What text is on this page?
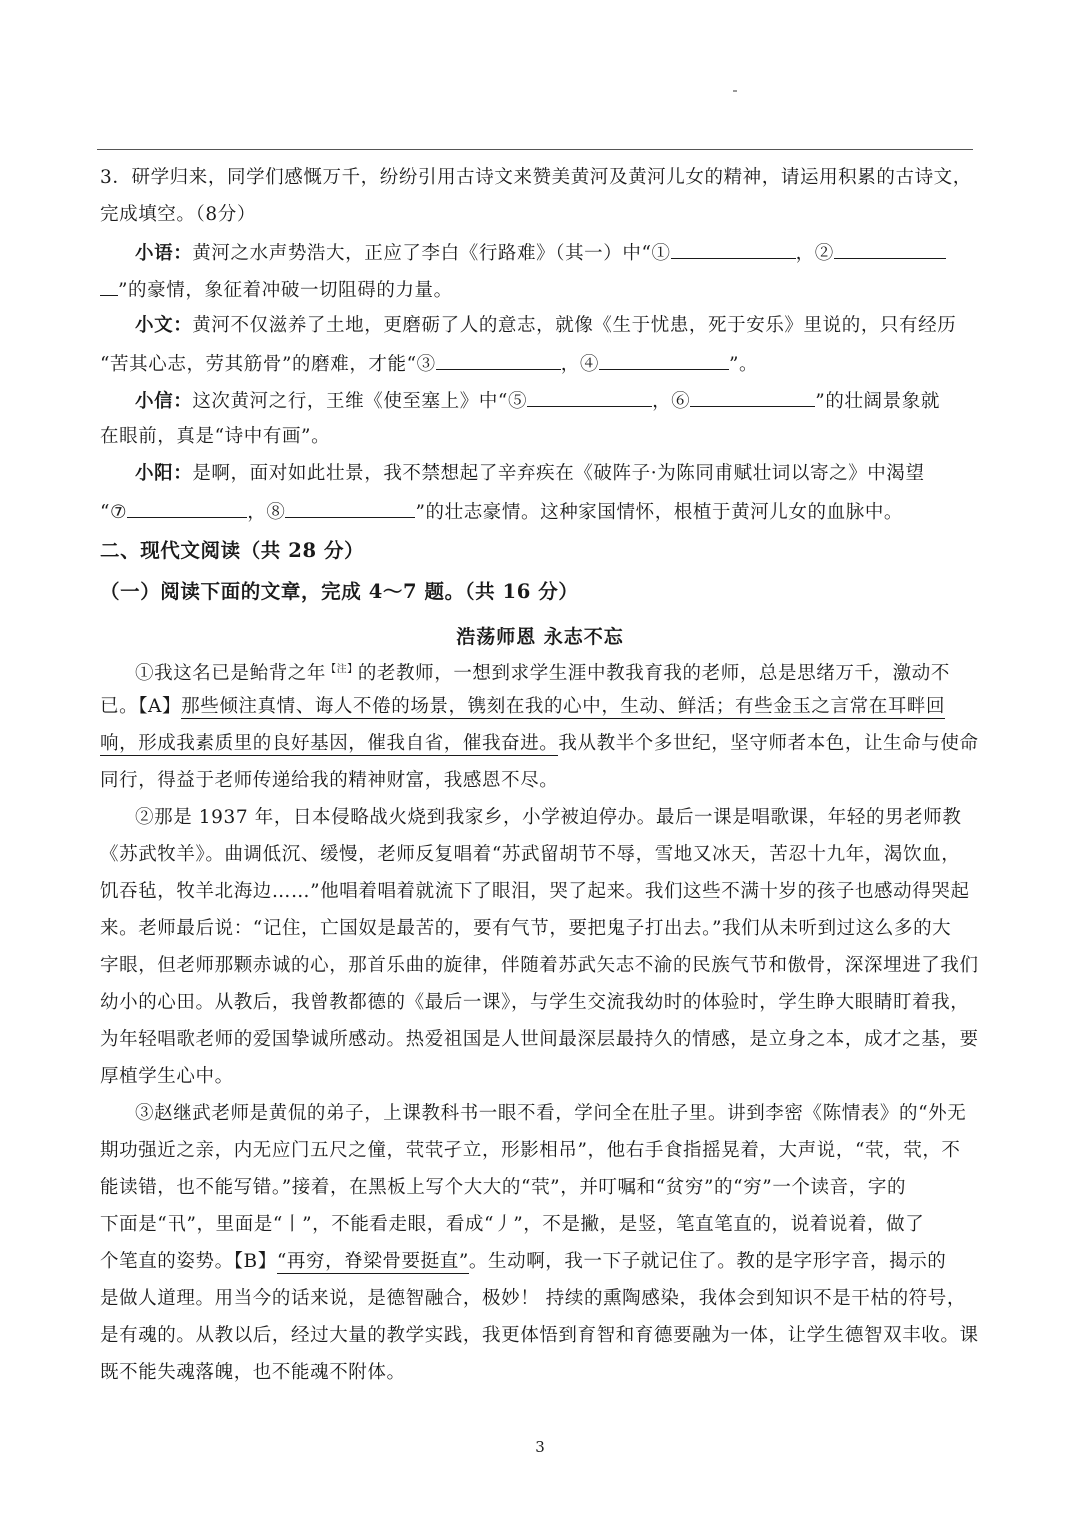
3．研学归来，同学们感慨万千，纷纷引用古诗文来赞美黄河及黄河儿女的精神，请运用积累的古诗文，
完成填空。（8分）
小语：黄河之水声势浩大，正应了李白《行路难》（其一）中“①	，②
”的豪情，象征着冲破一切阻碍的力量。
小文：黄河不仅滋养了土地，更磨砺了人的意志，就像《生于忧患，死于安乐》里说的，只有经历
“苦其心志，劳其筋骨”的磨难，才能“③	，④	”。
小信：这次黄河之行，王维《使至塞上》中“⑤	，⑥	”的壮阔景象就
在眼前，真是“诗中有画”。
小阳：是啊，面对如此壮景，我不禁想起了辛弃疾在《破阵子·为陈同甫赋壮词以寄之》中渴望
“⑦	，⑧	”的壮志豪情。这种家国情怀，根植于黄河儿女的血脉中。
二、现代文阅读（共 28 分）
（一）阅读下面的文章，完成 4～7 题。（共 16 分）
浩荡师恩 永志不忘
①我这名已是鲐背之年$^{【注】}$的老教师，一想到求学生涯中教我育我的老师，总是思绪万千，激动不
已。【A】那些倾注真情、诲人不倦的场景，镌刻在我的心中，生动、鲜活；有些金玉之言常在耳畔回
响，形成我素质里的良好基因，催我自省，催我奋进。我从教半个多世纪，坚守师者本色，让生命与使命
同行，得益于老师传递给我的精神财富，我感恩不尽。
②那是 1937 年，日本侵略战火烧到我家乡，小学被迫停办。最后一课是唱歌课，年轻的男老师教
《苏武牧羊》。曲调低沉、缓慢，老师反复唱着“苏武留胡节不辱，雪地又冰天，苦忍十九年，渴饮血，
饥吞毡，牧羊北海边……”他唱着唱着就流下了眼泪，哭了起来。我们这些不满十岁的孩子也感动得哭起
来。老师最后说：“记住，亡国奴是最苦的，要有气节，要把鬼子打出去。”我们从未听到过这么多的大
字眼，但老师那颗赤诚的心，那首乐曲的旋律，伴随着苏武矢志不渝的民族气节和傲骨，深深埋进了我们
幼小的心田。从教后，我曾教都德的《最后一课》，与学生交流我幼时的体验时，学生睁大眼睛盯着我，
为年轻唱歌老师的爱国挚诚所感动。热爱祖国是人世间最深层最持久的情感，是立身之本，成才之基，要
厚植学生心中。
③赵继武老师是黄侃的弟子，上课教科书一眼不看，学问全在肚子里。讲到李密《陈情表》的“外无
期功强近之亲，内无应门五尺之僮，茕茕孑立，形影相吊”，他右手食指摇晃着，大声说，“茕，茕，不
能读错，也不能写错。”接着，在黑板上写个大大的“茕”，并叮嘱和“贫穷”的“穷”一个读音，字的
下面是“卂”，里面是“丨”，不能看走眼，看成“丿”，不是撇，是竖，笔直笔直的，说着说着，做了
个笔直的姿势。【B】“再穷，脊梁骨要挺直”。生动啊，我一下子就记住了。教的是字形字音，揭示的
是做人道理。用当今的话来说，是德智融合，极妙！ 持续的熏陶感染，我体会到知识不是干枯的符号，
是有魂的。从教以后，经过大量的教学实践，我更体悟到育智和育德要融为一体，让学生德智双丰收。课
既不能失魂落魄，也不能魂不附体。
3
